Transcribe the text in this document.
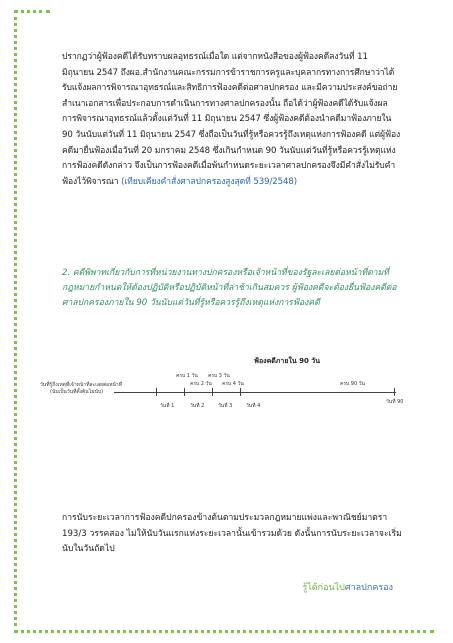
ปรากฏว่าผู้ฟ้องคดีได้รับทราบผลอุทธรณ์เมื่อใด แต่จากหนังสือของผู้ฟ้องคดีลงวันที่ 11 มิถุนายน 2547 ถึงผอ.สำนักงานคณะกรรมการข้าราชการครูและบุคลากรทางการศึกษาว่าได้รับแจ้งผลการพิจารณาอุทธรณ์และสิทธิการฟ้องคดีต่อศาลปกครอง และมีความประสงค์ขอถ่ายสำเนาเอกสารเพื่อประกอบการดำเนินการทางศาลปกครองนั้น ถือได้ว่าผู้ฟ้องคดีได้รับแจ้งผลการพิจารณาอุทธรณ์แล้วตั้งแต่วันที่ 11 มิถุนายน 2547 ซึ่งผู้ฟ้องคดีต้องนำคดีมาฟ้องภายใน 90 วันนับแต่วันที่ 11 มิถุนายน 2547 ซึ่งถือเป็นวันที่รู้หรือควรรู้ถึงเหตุแห่งการฟ้องคดี แต่ผู้ฟ้องคดีมายื่นฟ้องเมื่อวันที่ 20 มกราคม 2548 ซึ่งเกินกำหนด 90 วันนับแต่วันที่รู้หรือควรรู้เหตุแห่งการฟ้องคดีดังกล่าว จึงเป็นการฟ้องคดีเมื่อพ้นกำหนดระยะเวลาศาลปกครองจึงมีคำสั่งไม่รับคำฟ้องไว้พิจารณา (เทียบเคียงคำสั่งศาลปกครองสูงสุดที่ 539/2548)

2. คดีพิพาทเกี่ยวกับการที่หน่วยงานทางปกครองหรือเจ้าหน้าที่ของรัฐละเลยต่อหน้าที่ตามที่กฎหมายกำหนดให้ต้องปฏิบัติหรือปฏิบัติหน้าที่ล่าช้าเกินสมควร ผู้ฟ้องคดีจะต้องยื่นฟ้องคดีต่อศาลปกครองภายใน 90 วันนับแต่วันที่รู้หรือควรรู้ถึงเหตุแห่งการฟ้องคดี

ฟ้องคดีภายใน 90 วัน
ครบ 1 วัน ครบ 3 วัน
ครบ 2 วัน ครบ 4 วัน	ครบ 90 วัน
วันที่รู้ถึงเหตุที่เจ้าหน้าที่ละเลยต่อหน้าที่
(นับเป็นวันที่ตั้งต้นไม่นับ)
วันที่ 1	วันที่ 2	วันที่ 3	วันที่ 4
วันที่ 90

การนับระยะเวลาการฟ้องคดีปกครองข้างต้นตามประมวลกฎหมายแพ่งและพาณิชย์มาตรา 193/3 วรรคสอง ไม่ให้นับวันแรกแห่งระยะเวลานั้นเข้ารวมด้วย ดังนั้นการนับระยะเวลาจะเริ่มนับในวันถัดไป

รู้ได้ก่อนไปศาลปกครอง
